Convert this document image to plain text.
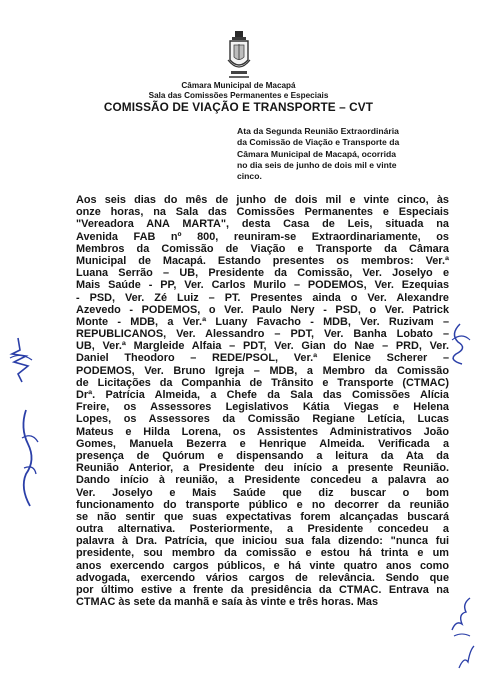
Câmara Municipal de Macapá
Sala das Comissões Permanentes e Especiais
COMISSÃO DE VIAÇÃO E TRANSPORTE – CVT
Ata da Segunda Reunião Extraordinária
da Comissão de Viação e Transporte da
Câmara Municipal de Macapá, ocorrida
no dia seis de junho de dois mil e vinte
cinco.
Aos seis dias do mês de junho de dois mil e vinte cinco, às
onze horas, na Sala das Comissões Permanentes e Especiais
"Vereadora ANA MARTA", desta Casa de Leis, situada na
Avenida FAB nº 800, reuniram-se Extraordinariamente, os
Membros da Comissão de Viação e Transporte da Câmara
Municipal de Macapá. Estando presentes os membros: Ver.ª
Luana Serrão – UB, Presidente da Comissão, Ver. Joselyo e
Mais Saúde - PP, Ver. Carlos Murilo – PODEMOS, Ver. Ezequias
- PSD, Ver. Zé Luiz – PT. Presentes ainda o Ver. Alexandre
Azevedo - PODEMOS, o Ver. Paulo Nery - PSD, o Ver. Patrick
Monte - MDB, a Ver.ª Luany Favacho - MDB, Ver. Ruzivam –
REPUBLICANOS, Ver. Alessandro – PDT, Ver. Banha Lobato –
UB, Ver.ª Margleide Alfaia – PDT, Ver. Gian do Nae – PRD, Ver.
Daniel Theodoro – REDE/PSOL, Ver.ª Elenice Scherer –
PODEMOS, Ver. Bruno Igreja – MDB, a Membro da Comissão
de Licitações da Companhia de Trânsito e Transporte (CTMAC)
Drª. Patrícia Almeida, a Chefe da Sala das Comissões Alícia
Freire, os Assessores Legislativos Kátia Viegas e Helena
Lopes, os Assessores da Comissão Regiane Letícia, Lucas
Mateus e Hilda Lorena, os Assistentes Administrativos João
Gomes, Manuela Bezerra e Henrique Almeida. Verificada a
presença de Quórum e dispensando a leitura da Ata da
Reunião Anterior, a Presidente deu início a presente Reunião.
Dando início à reunião, a Presidente concedeu a palavra ao
Ver. Joselyo e Mais Saúde que diz buscar o bom
funcionamento do transporte público e no decorrer da reunião
se não sentir que suas expectativas forem alcançadas buscará
outra alternativa. Posteriormente, a Presidente concedeu a
palavra à Dra. Patrícia, que iniciou sua fala dizendo: "nunca fui
presidente, sou membro da comissão e estou há trinta e um
anos exercendo cargos públicos, e há vinte quatro anos como
advogada, exercendo vários cargos de relevância. Sendo que
por último estive a frente da presidência da CTMAC. Entrava na
CTMAC às sete da manhã e saía às vinte e três horas. Mas
